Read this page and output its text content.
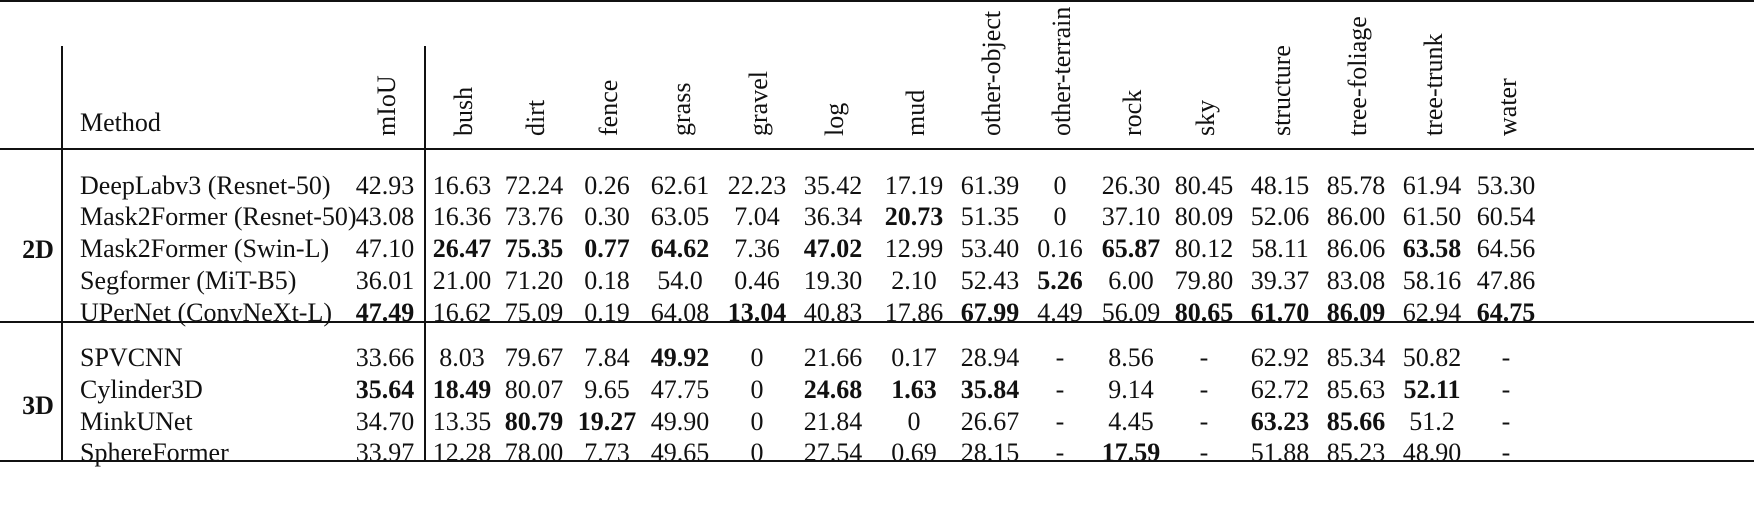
Method	mIoU bush dirt fence grass gravel log mud other-object other-terrain rock sky structure tree-foliage tree-trunk water
2D
DeepLabv3 (Resnet-50) 42.93 16.63 72.24 0.26 62.61 22.23 35.42 17.19 61.39 0 26.30 80.45 48.15 85.78 61.94 53.30
Mask2Former (Resnet-50) 43.08 16.36 73.76 0.30 63.05 7.04 36.34 20.73 51.35 0 37.10 80.09 52.06 86.00 61.50 60.54
Mask2Former (Swin-L) 47.10 26.47 75.35 0.77 64.62 7.36 47.02 12.99 53.40 0.16 65.87 80.12 58.11 86.06 63.58 64.56
Segformer (MiT-B5) 36.01 21.00 71.20 0.18 54.0 0.46 19.30 2.10 52.43 5.26 6.00 79.80 39.37 83.08 58.16 47.86
UPerNet (ConvNeXt-L) 47.49 16.62 75.09 0.19 64.08 13.04 40.83 17.86 67.99 4.49 56.09 80.65 61.70 86.09 62.94 64.75
3D
SPVCNN	33.66 8.03 79.67 7.84 49.92 0 21.66 0.17 28.94 - 8.56 - 62.92 85.34 50.82 -
Cylinder3D	35.64 18.49 80.07 9.65 47.75 0 24.68 1.63 35.84 - 9.14 - 62.72 85.63 52.11 -
MinkUNet	34.70 13.35 80.79 19.27 49.90 0 21.84 0 26.67 - 4.45 - 63.23 85.66 51.2 -
SphereFormer	33.97 12.28 78.00 7.73 49.65 0 27.54 0.69 28.15 - 17.59 - 51.88 85.23 48.90 -
